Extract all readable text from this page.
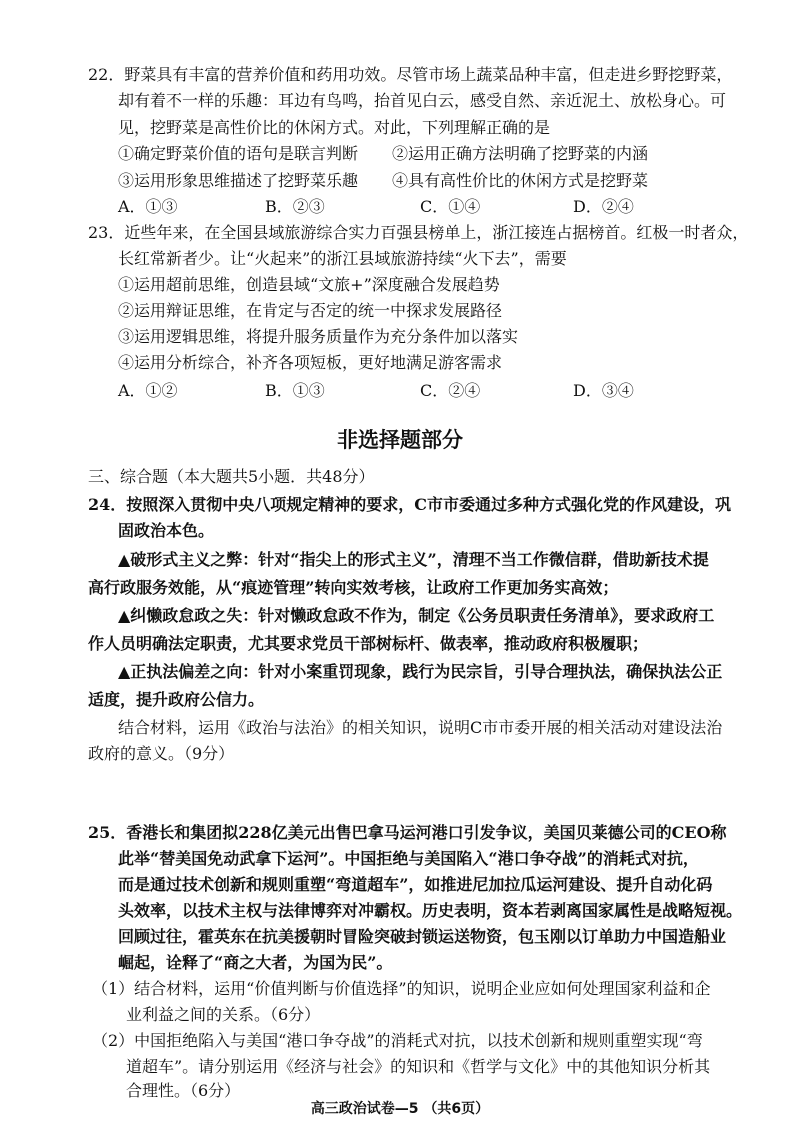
22．野菜具有丰富的营养价值和药用功效。尽管市场上蔬菜品种丰富，但走进乡野挖野菜，
却有着不一样的乐趣：耳边有鸟鸣，抬首见白云，感受自然、亲近泥土、放松身心。可
见，挖野菜是高性价比的休闲方式。对此，下列理解正确的是
①确定野菜价值的语句是联言判断 ②运用正确方法明确了挖野菜的内涵
③运用形象思维描述了挖野菜乐趣 ④具有高性价比的休闲方式是挖野菜
A．①③	B．②③	C．①④	D．②④
23．近些年来，在全国县域旅游综合实力百强县榜单上，浙江接连占据榜首。红极一时者众，
长红常新者少。让“火起来”的浙江县域旅游持续“火下去”，需要
①运用超前思维，创造县域“文旅+”深度融合发展趋势
②运用辩证思维，在肯定与否定的统一中探求发展路径
③运用逻辑思维，将提升服务质量作为充分条件加以落实
④运用分析综合，补齐各项短板，更好地满足游客需求
A．①②	B．①③	C．②④	D．③④
非选择题部分
三、综合题（本大题共5小题．共48分）
24．按照深入贯彻中央八项规定精神的要求，C市市委通过多种方式强化党的作风建设，巩
固政治本色。
▲破形式主义之弊：针对“指尖上的形式主义”，清理不当工作微信群，借助新技术提
高行政服务效能，从“痕迹管理”转向实效考核，让政府工作更加务实高效；
▲纠懒政怠政之失：针对懒政怠政不作为，制定《公务员职责任务清单》，要求政府工
作人员明确法定职责，尤其要求党员干部树标杆、做表率，推动政府积极履职；
▲正执法偏差之向：针对小案重罚现象，践行为民宗旨，引导合理执法，确保执法公正
适度，提升政府公信力。
结合材料，运用《政治与法治》的相关知识，说明C市市委开展的相关活动对建设法治
政府的意义。（9分）
25．香港长和集团拟228亿美元出售巴拿马运河港口引发争议，美国贝莱德公司的CEO称
此举“替美国免动武拿下运河”。中国拒绝与美国陷入“港口争夺战”的消耗式对抗，
而是通过技术创新和规则重塑“弯道超车”，如推进尼加拉瓜运河建设、提升自动化码
头效率，以技术主权与法律博弈对冲霸权。历史表明，资本若剥离国家属性是战略短视。
回顾过往，霍英东在抗美援朝时冒险突破封锁运送物资，包玉刚以订单助力中国造船业
崛起，诠释了“商之大者，为国为民”。
（1）结合材料，运用“价值判断与价值选择”的知识，说明企业应如何处理国家利益和企
业利益之间的关系。（6分）
（2）中国拒绝陷入与美国“港口争夺战”的消耗式对抗，以技术创新和规则重塑实现“弯
道超车”。请分别运用《经济与社会》的知识和《哲学与文化》中的其他知识分析其
合理性。（6分）
高三政治试卷—5 （共6页）
